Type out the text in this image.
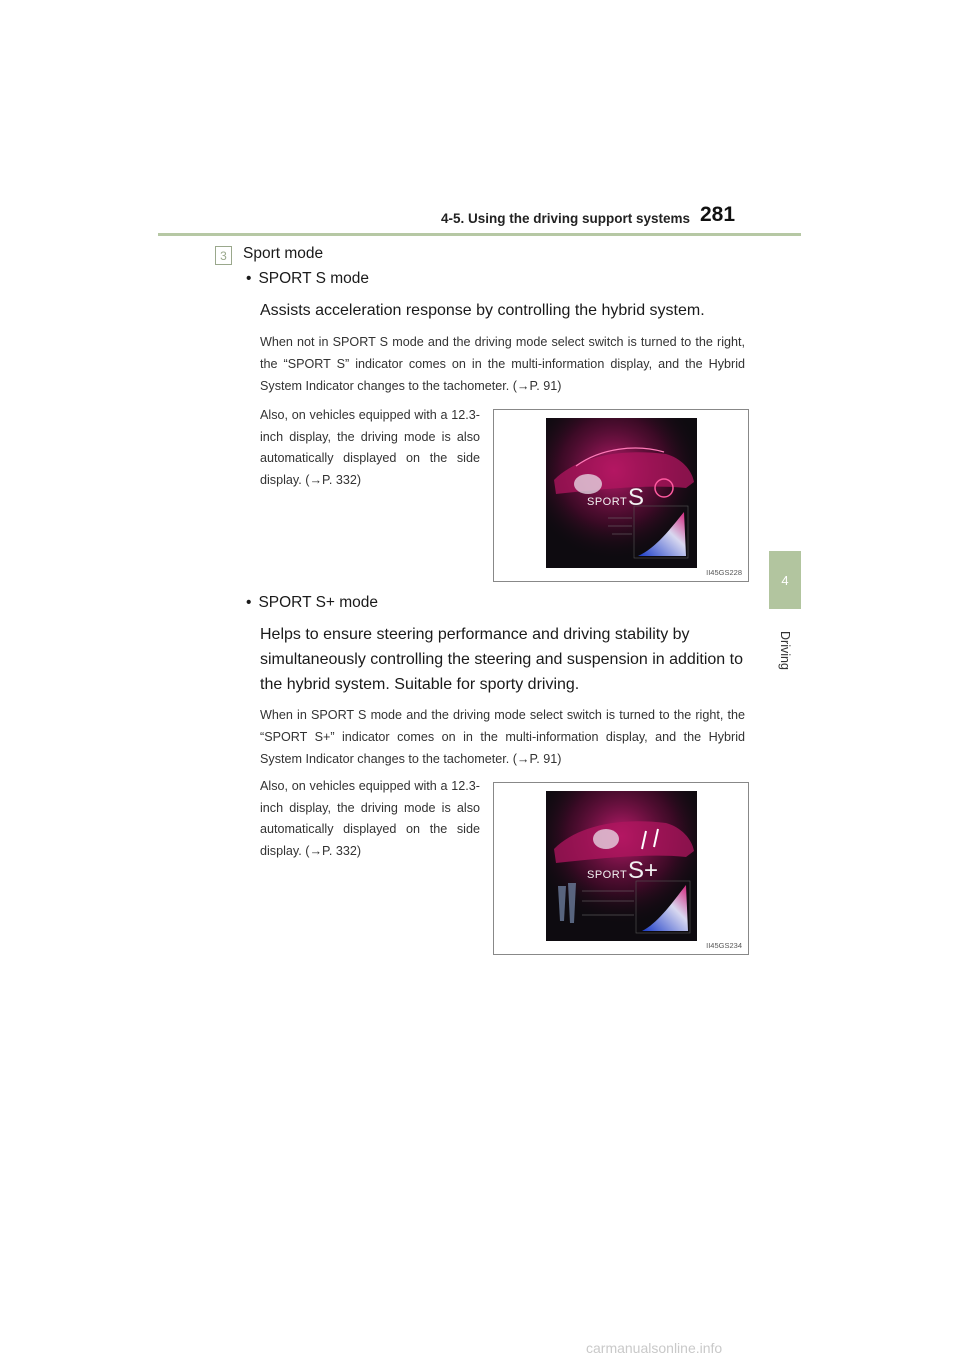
4-5. Using the driving support systems 281
4
Driving
3	Sport mode
• SPORT S mode
Assists acceleration response by controlling the hybrid system.
When not in SPORT S mode and the driving mode select switch is turned to the right, the “SPORT S” indicator comes on in the multi-information display, and the Hybrid System Indicator changes to the tachometer. (→P. 91)
Also, on vehicles equipped with a 12.3-inch display, the driving mode is also automatically displayed on the side display. (→P. 332)
SPORT S
II45GS228
• SPORT S+ mode
Helps to ensure steering performance and driving stability by simultaneously controlling the steering and suspension in addition to the hybrid system. Suitable for sporty driving.
When in SPORT S mode and the driving mode select switch is turned to the right, the “SPORT S+” indicator comes on in the multi-information display, and the Hybrid System Indicator changes to the tachometer. (→P. 91)
Also, on vehicles equipped with a 12.3-inch display, the driving mode is also automatically displayed on the side display. (→P. 332)
SPORT S+
II45GS234
carmanualsonline.info
